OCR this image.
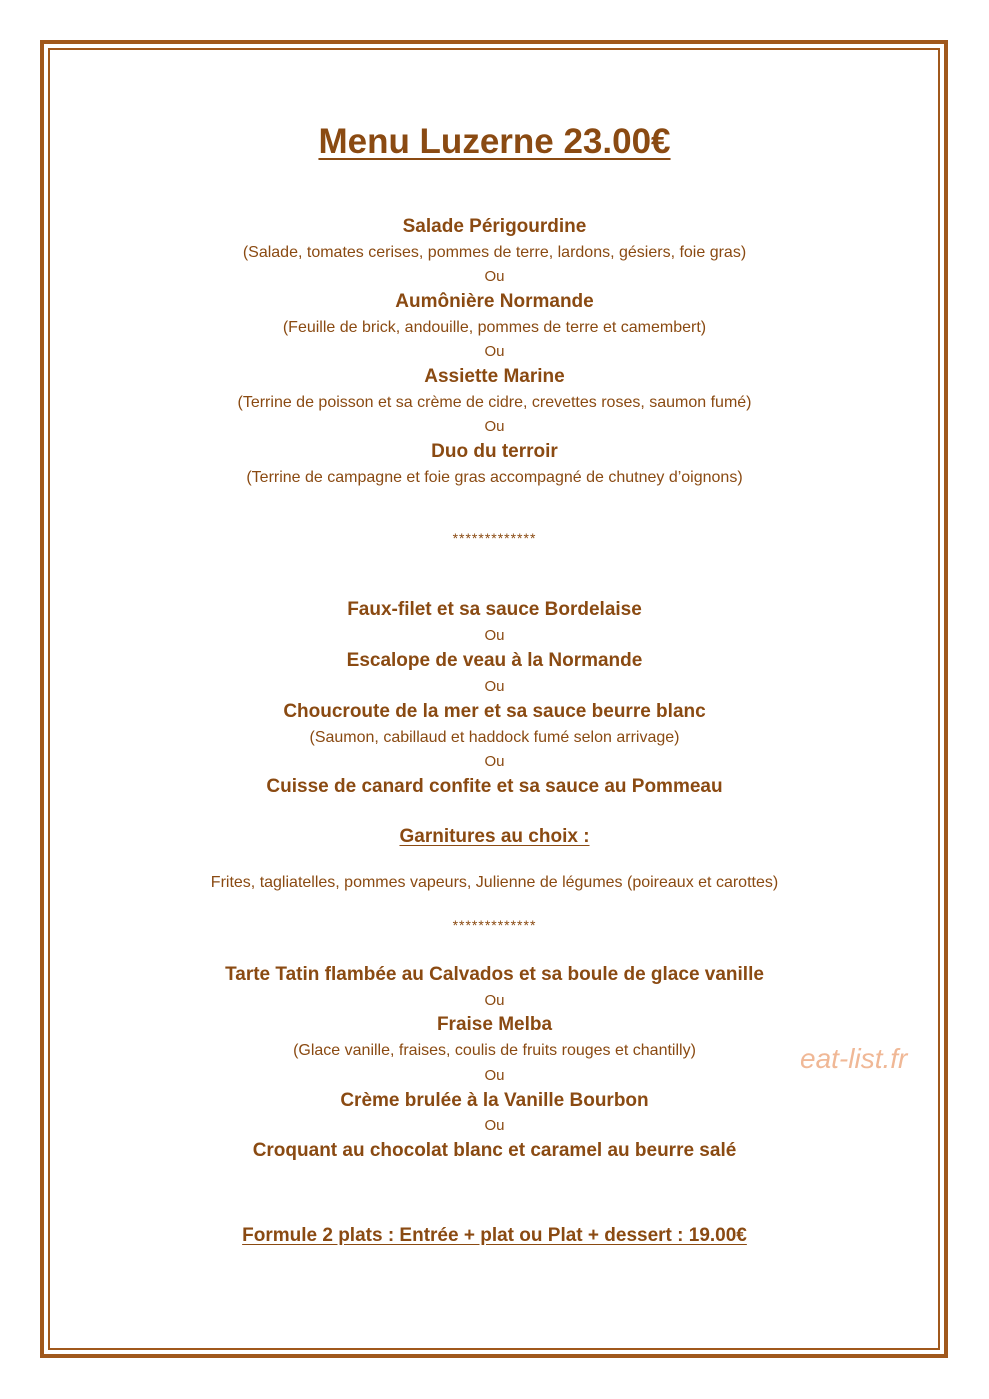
Menu Luzerne 23.00€
Salade Périgourdine
(Salade, tomates cerises, pommes de terre, lardons, gésiers, foie gras)
Ou
Aumônière Normande
(Feuille de brick, andouille, pommes de terre et camembert)
Ou
Assiette Marine
(Terrine de poisson et sa crème de cidre, crevettes roses, saumon fumé)
Ou
Duo du terroir
(Terrine de campagne et foie gras accompagné de chutney d’oignons)
*************
Faux-filet et sa sauce Bordelaise
Ou
Escalope de veau à la Normande
Ou
Choucroute de la mer et sa sauce beurre blanc
(Saumon, cabillaud et haddock fumé selon arrivage)
Ou
Cuisse de canard confite et sa sauce au Pommeau
Garnitures au choix :
Frites, tagliatelles, pommes vapeurs, Julienne de légumes (poireaux et carottes)
*************
Tarte Tatin flambée au Calvados et sa boule de glace vanille
Ou
Fraise Melba
(Glace vanille, fraises, coulis de fruits rouges et chantilly)
Ou
Crème brulée à la Vanille Bourbon
Ou
Croquant au chocolat blanc et caramel au beurre salé
Formule 2 plats : Entrée + plat ou Plat + dessert : 19.00€
eat-list.fr
